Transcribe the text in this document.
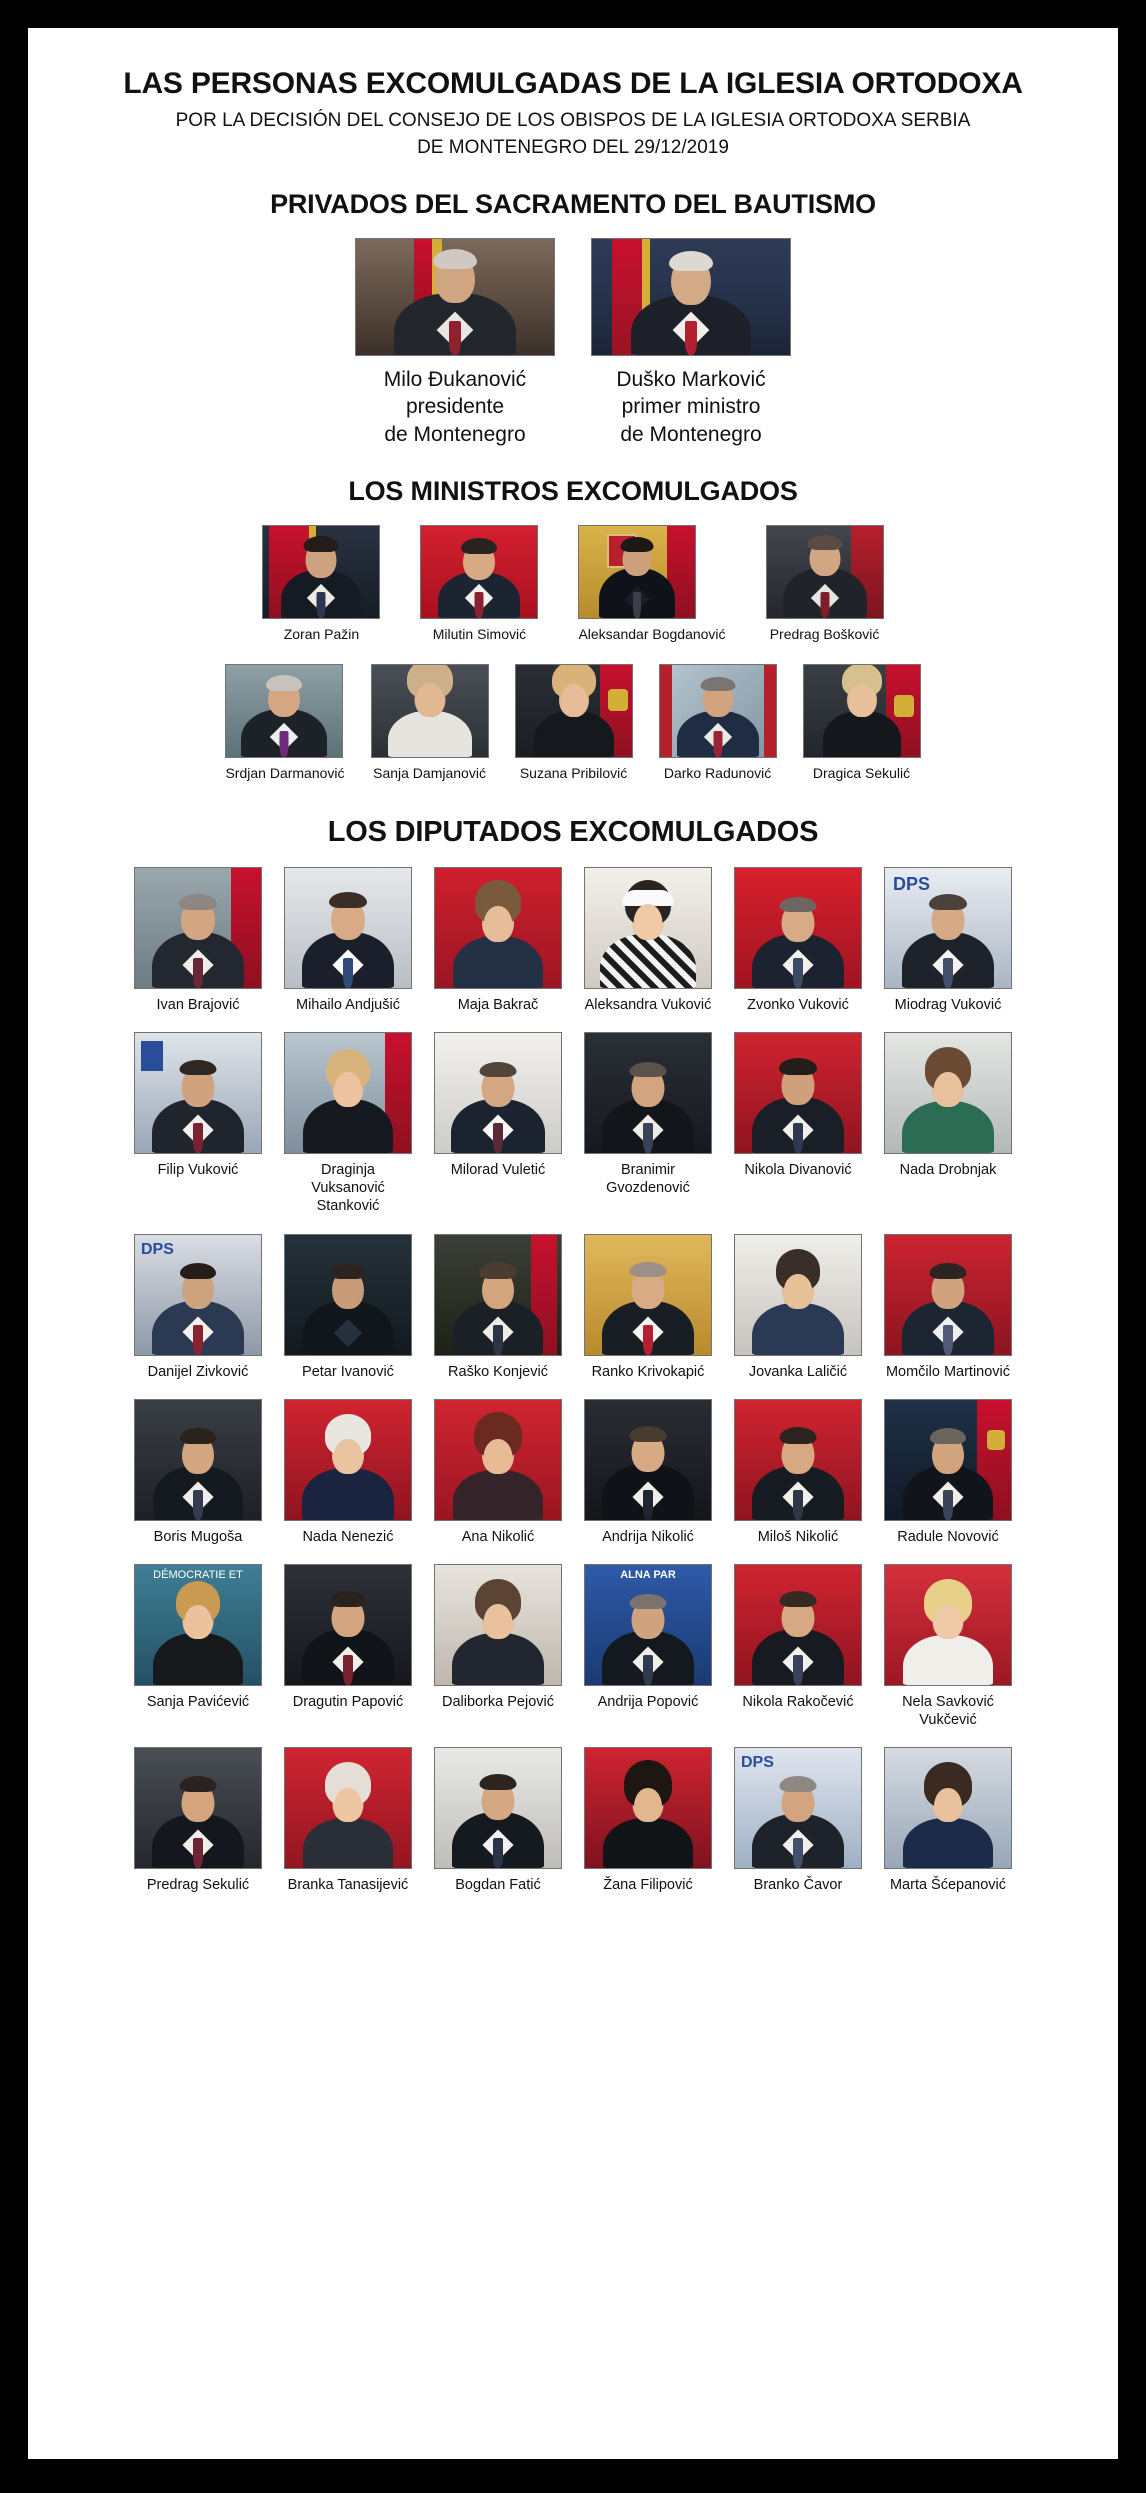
LAS PERSONAS EXCOMULGADAS DE LA IGLESIA ORTODOXA
POR LA DECISIÓN DEL CONSEJO DE LOS OBISPOS DE LA IGLESIA ORTODOXA SERBIA
DE MONTENEGRO DEL 29/12/2019
PRIVADOS DEL SACRAMENTO DEL BAUTISMO
Milo Đukanović
presidente
de Montenegro
Duško Marković
primer ministro
de Montenegro
LOS MINISTROS EXCOMULGADOS
Zoran Pažin	Milutin Simović	Aleksandar Bogdanović	Predrag Bošković
Srdjan Darmanović Sanja Damjanović	Suzana Pribilović	Darko Radunović	Dragica Sekulić
LOS DIPUTADOS EXCOMULGADOS
Ivan Brajović	Mihailo Andjušić	Maja Bakrač	Aleksandra Vuković	Zvonko Vuković
DPS
Miodrag Vuković
Filip Vuković	Draginja Vuksanović Stanković
Milorad Vuletić	Branimir Gvozdenović
Nikola Divanović	Nada Drobnjak
DPS
Danijel Zivković	Petar Ivanović	Raško Konjević	Ranko Krivokapić	Jovanka Laličić	Momčilo Martinović
Boris Mugoša	Nada Nenezić	Ana Nikolić	Andrija Nikolić	Miloš Nikolić	Radule Novović
DÉMOCRATIE ET
Sanja Pavićević	Dragutin Papović	Daliborka Pejović
ALNA PAR
Andrija Popović	Nikola Rakočević	Nela Savković Vukčević
Predrag Sekulić	Branka Tanasijević	Bogdan Fatić	Žana Filipović
DPS
Branko Čavor	Marta Šćepanović
